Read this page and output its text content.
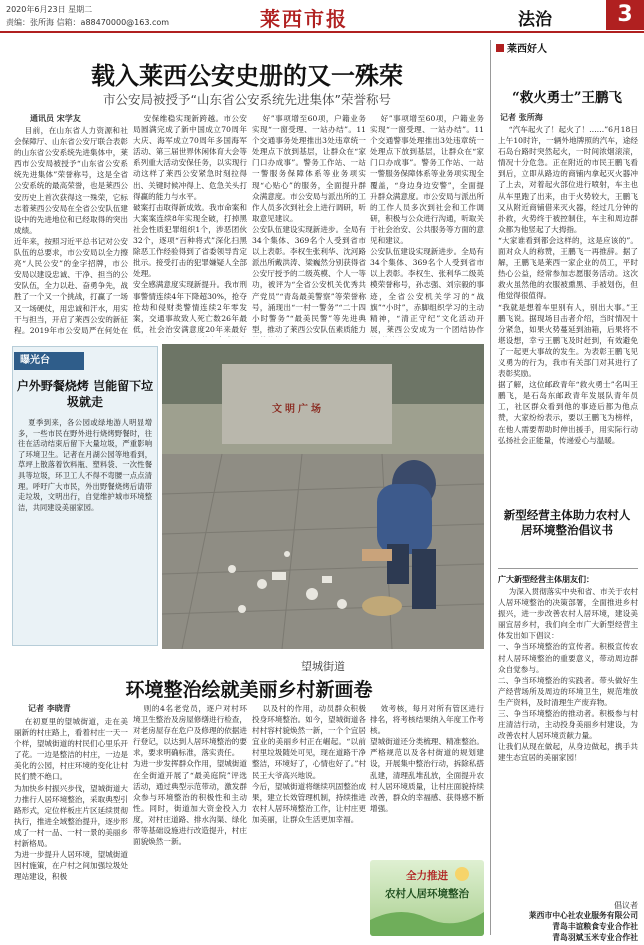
2020年6月23日 星期二
责编：张所海 信箱：a88470000@163.com	莱西市报	法治	3
载入莱西公安史册的又一殊荣
市公安局被授予“山东省公安系统先进集体”荣誉称号
通讯员 宋学友
目前，在山东省人力资源和社会保障厅、山东省公安厅联合表彰的山东省公安系统先进集体中，莱西市公安局被授予“山东省公安系统先进集体”荣誉称号，这是全省公安系统的最高荣誉，也是莱西公安历史上首次获得这一殊荣，它标志着莱西公安局在全省公安队伍建设中的先进地位和已经取得的突出成绩。
近年来，按照习近平总书记对公安队伍的总要求，市公安局以全力擦亮“人民公安”的金字招牌，市公安局以建设忠诚、干净、担当的公安队伍，全力以赴、奋勇争先，战胜了一个又一个挑战，打赢了一场又一场硬仗，用忠诚和汗水，用实干与担当，开启了莱西公安的新征程。2019年市公安局严在何处在
安保维稳实现新跨越。市公安局圆满完成了新中国成立70周年大庆、海军成立70周年多国海军活动、第三届世界休闲体育大会等系列重大活动安保任务，以实现行动这样了莱西公安紧急时刻拉得出、关键时候冲得上、危急关头打得赢的能力与水平。
破案打击取得新成效。我市命案和大案案连续8年实现全破，打掉黑社会性质犯罪组织1个，涉恶团伙32个，逐项“百种将式”深化扫黑除恶工作经验得到了省委领导肯定批示。接受打击的犯罪嫌疑人全部处理。
安全感满意度实现新提升。我市刑事警情连续4年下降超30%，抢夺抢劫和侵财类警情连续2年零发案，交通事故致人死亡数26年最低，社会治安满意度20年来最好

好”事项增至60项，户籍业务实现“一窗受理、一站办结”。11个交通事务处理推出3处违章统一处理点下放到基层，让群众在“家门口办成事”。警务工作站、一站一警服务保障体系等业务项实现“心贴心”的服务，全面提升群众满意度。市公安局与派出所的工作人员多次到社会上进行调研，听取意见建议。
公安队伍建设实现新进步。全局有34个集体、369名个人受到省市以上表彰。李权生张利华、沈河路派出所戴洪涛、梁巍然分别获得省公安厅授予的二级英模、个人一等功，被评为“全省公安机关优秀共产党员”“青岛最美警察”等荣誉称号，涌现出“一村一警务”“二十四小时警务”“最美民警”等先进典型，推动了莱西公安队伍素质能力
好”事项增至60项，户籍业务实现“一窗受理、一站办结”。11个交通警事处理推出3处违章统一处理点下放到基层，让群众在“家门口办成事”。警务工作站、一站一警服务保障体系等业务项实现全覆盖，“身边身边安警”，全面提升群众满意度。市公安局与派出所的工作人员多次到社会和工作调研，积极与公众进行沟通，听取关于社会治安、公共服务等方面的意见和建议。
公安队伍建设实现新进步。全局有34个集体、369名个人受到省市以上表彰。李权生、张利华二级英模荣誉称号，孙志强、刘宗毅的事迹，全省公安机关学习的“战旗”“小时”，赤脚组织学习的主动精神，“清正守纪”文化活动开展，莱西公安成为一个团结协作
莱西好人
“救火勇士”王鹏飞
记者 张所海
“汽车起火了！起火了！……”6月18日上午10时许，一辆外地牌照的汽车，途经石岛台路时突然起火，一时间浓烟滚滚，情况十分危急。正在附近的市民王鹏飞看到后，立即从路边的商铺内拿起灭火器冲了上去，对着起火部位进行喷射，车主也从车里跑了出来，由于火势较大，王鹏飞又从附近商铺借来灭火器，经过几分钟的扑救，火势终于被控制住，车主和周边群众都为他竖起了大拇指。
“大家谁看到都会这样的，这是应该的”。面对众人的称赞，王鹏飞一再推辞。据了解，王鹏飞是莱西一家企业的员工，平时热心公益，经常参加志愿服务活动。这次救火虽然他的衣服被熏黑、手被划伤，但他觉得很值得。
“我就是想着车里别有人，别出大事。”王鹏飞说。据现场目击者介绍，当时情况十分紧急，如果火势蔓延到油箱，后果将不堪设想，幸亏王鹏飞及时赶到，有效避免了一起更大事故的发生。为表彰王鹏飞见义勇为的行为，我市有关部门对其进行了表彰奖励。
据了解，这位邮政青年“救火勇士”名叫王鹏飞，是石岛东邮政青年发展队青年员工，社区群众看到他的事迹后都为他点赞，大家纷纷表示，要以王鹏飞为榜样，在他人需要帮助时伸出援手，用实际行动弘扬社会正能量，传递爱心与温暖。
新型经营主体助力农村人居环境整治倡议书
广大新型经营主体朋友们：
为深入贯彻落实中央和省、市关于农村人居环境整治的决策部署，全面推进乡村振兴，进一步改善农村人居环境，建设美丽宜居乡村，我们向全市广大新型经营主体发出如下倡议：
一、争当环境整治的宣传者。积极宣传农村人居环境整治的重要意义，带动周边群众自觉参与。
二、争当环境整治的实践者。带头做好生产经营场所及周边的环境卫生，规范堆放生产资料，及时清理生产废弃物。
三、争当环境整治的推动者。积极参与村庄清洁行动，主动投身美丽乡村建设，为改善农村人居环境贡献力量。
让我们从现在做起，从身边做起，携手共建生态宜居的美丽家园！
倡议者
莱西市中心社农业服务有限公司
青岛丰谊粮食专业合作社
青岛羽斌玉米专业合作社
曝光台
户外野餐烧烤 岂能留下垃圾就走
夏季到来，各公园或绿地游人明显增多，一些市民在野外进行烧烤野餐时，往往在活动结束后留下大量垃圾，严重影响了环境卫生。记者在月湖公园等地看到，草坪上散落着饮料瓶、塑料袋、一次性餐具等垃圾，环卫工人不得不弯腰一点点清理。呼吁广大市民，外出野餐烧烤后请带走垃圾，文明出行，自觉维护城市环境整洁，共同建设美丽家园。
文明广场
望城街道
环境整治绘就美丽乡村新画卷
记者 李晓青
在初夏里的望城街道，走在美丽新的村庄路上，看着村庄一天一个样，望城街道的村民们心里乐开了花。一边是整洁的村庄，一边是美化的公园，村庄环境的变化让村民们赞不绝口。
为加快乡村振兴步伐，望城街道大力推行人居环境整治，采取典型引路形式，定位样板庄片区延续贯彻执行，推进全域整治提升，逐步形成了一村一品、一村一景的美丽乡村新格局。
为进一步提升人居环境，望城街道因村施策，在户村之间加强垃圾处理站建设，积极
则的4名老党员，逐户对村环境卫生整治及房屋修缮进行检查，对老房屋存在危户及修理的依据进行登记，以达到人居环境整治的要求，要求明确标准，落实责任。
为进一步发挥群众作用，望城街道在全街道开展了“最美庭院”评选活动，通过典型示范带动，激发群众参与环境整治的积极性和主动性。同时，街道加大资金投入力度，对村庄道路、排水沟渠、绿化带等基础设施进行改造提升，村庄面貌焕然一新。
以及村的作用，动员群众积极投身环境整治。如今，望城街道各村村容村貌焕然一新，一个个宜居宜业的美丽乡村正在崛起。“以前村里垃圾随处可见，现在道路干净整洁，环境好了，心情也好了。”村民王大爷高兴地说。
今后，望城街道将继续巩固整治成果，建立长效管理机制，持续推进农村人居环境整治工作，让村庄更加美丽，让群众生活更加幸福。
效考核，每月对所有管区进行排名，将考核结果纳入年度工作考核。
望城街道还分类梳理、精准整治。严格规范以及各村街道的规划建设，开展集中整治行动，拆除私搭乱建，清理乱堆乱放，全面提升农村人居环境质量，让村庄面貌持续改善，群众的幸福感、获得感不断增强。
全力推进
农村人居环境整治
